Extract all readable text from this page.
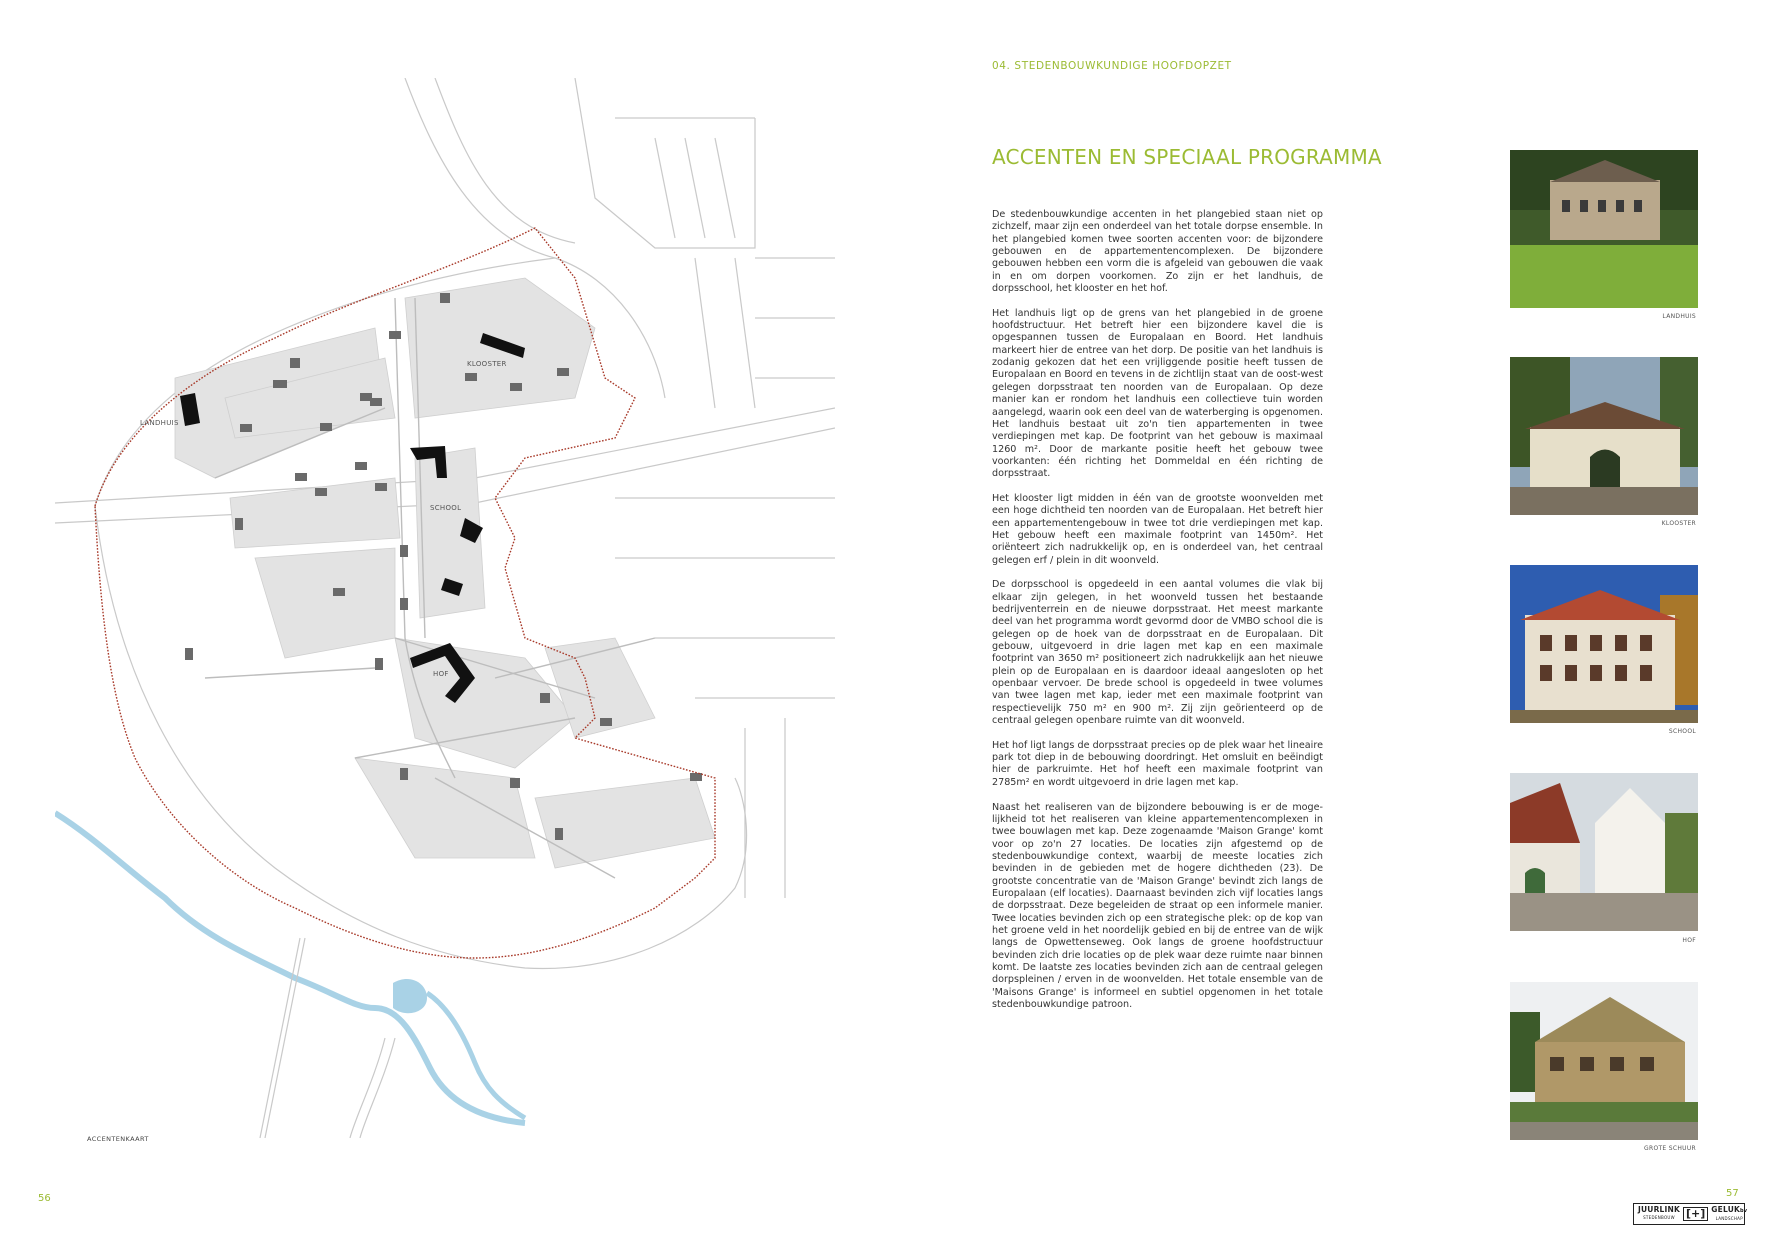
LANDHUIS
KLOOSTER
SCHOOL
HOF
ACCENTENKAART
56
04. STEDENBOUWKUNDIGE HOOFDOPZET
ACCENTEN EN SPECIAAL PROGRAMMA

De stedenbouwkundige accenten in het plangebied staan niet op zichzelf, maar zijn een onderdeel van het totale dorpse ensemble. In het plangebied komen twee soorten accenten voor: de bijzondere gebouwen en de appartementencomplexen. De bijzondere gebouwen hebben een vorm die is afgeleid van gebouwen die vaak in en om dorpen voorkomen. Zo zijn er het landhuis, de dorpsschool, het klooster en het hof.

Het landhuis ligt op de grens van het plangebied in de groene hoofdstructuur. Het betreft hier een bijzondere kavel die is opgespannen tussen de Europalaan en Boord. Het landhuis markeert hier de entree van het dorp. De positie van het landhuis is zodanig gekozen dat het een vrijliggende positie heeft tussen de Europalaan en Boord en tevens in de zichtlijn staat van de oost-west gelegen dorpsstraat ten noorden van de Europalaan. Op deze manier kan er rondom het landhuis een collectieve tuin worden aangelegd, waarin ook een deel van de waterberging is opgenomen. Het landhuis bestaat uit zo'n tien appartementen in twee verdiepingen met kap. De footprint van het gebouw is maximaal 1260 m². Door de markante positie heeft het gebouw twee voorkanten: één richting het Dommeldal en één richting de dorpsstraat.

Het klooster ligt midden in één van de grootste woonvelden met een hoge dichtheid ten noorden van de Europalaan. Het betreft hier een appartementengebouw in twee tot drie verdiepingen met kap. Het gebouw heeft een maximale footprint van 1450m². Het oriënteert zich nadrukkelijk op, en is onderdeel van, het centraal gelegen erf / plein in dit woonveld.

De dorpsschool is opgedeeld in een aantal volumes die vlak bij elkaar zijn gelegen, in het woonveld tussen het bestaande bedrijventerrein en de nieuwe dorpsstraat. Het meest markante deel van het programma wordt gevormd door de VMBO school die is gelegen op de hoek van de dorpsstraat en de Europalaan. Dit gebouw, uitgevoerd in drie lagen met kap en een maximale footprint van 3650 m² positioneert zich nadrukkelijk aan het nieuwe plein op de Europalaan en is daardoor ideaal aangesloten op het openbaar vervoer. De brede school is opgedeeld in twee volumes van twee lagen met kap, ieder met een maximale footprint van respectievelijk 750 m² en 900 m². Zij zijn geörienteerd op de centraal gelegen openbare ruimte van dit woonveld.

Het hof ligt langs de dorpsstraat precies op de plek waar het lineaire park tot diep in de bebouwing doordringt. Het omsluit en beëindigt hier de parkruimte. Het hof heeft een maximale footprint van 2785m² en wordt uitgevoerd in drie lagen met kap.

Naast het realiseren van de bijzondere bebouwing is er de moge-lijkheid tot het realiseren van kleine appartementencomplexen in twee bouwlagen met kap. Deze zogenaamde 'Maison Grange' komt voor op zo'n 27 locaties. De locaties zijn afgestemd op de stedenbouwkundige context, waarbij de meeste locaties zich bevinden in de gebieden met de hogere dichtheden (23). De grootste concentratie van de 'Maison Grange' bevindt zich langs de Europalaan (elf locaties). Daarnaast bevinden zich vijf locaties langs de dorpsstraat. Deze begeleiden de straat op een informele manier. Twee locaties bevinden zich op een strategische plek: op de kop van het groene veld in het noordelijk gebied en bij de entree van de wijk langs de Opwettenseweg. Ook langs de groene hoofdstructuur bevinden zich drie locaties op de plek waar deze ruimte naar binnen komt. De laatste zes locaties bevinden zich aan de centraal gelegen dorpspleinen / erven in de woonvelden. Het totale ensemble van de 'Maisons Grange' is informeel en subtiel opgenomen in het totale stedenbouwkundige patroon.

LANDHUIS
KLOOSTER
SCHOOL
HOF
GROTE SCHUUR
57
JUURLINK
STEDENBOUW [+] GELUKbv
LANDSCHAP
